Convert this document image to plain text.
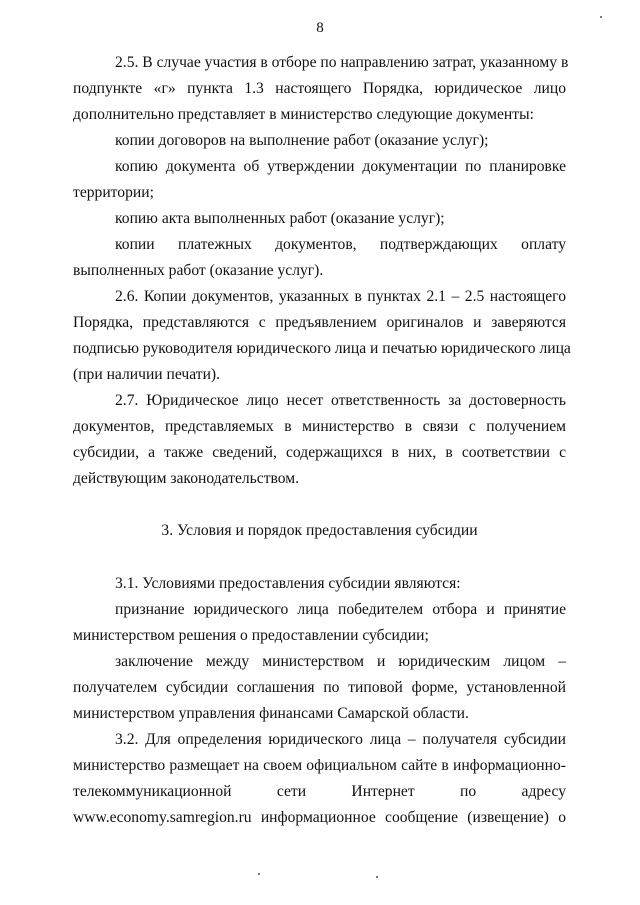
8
2.5. В случае участия в отборе по направлению затрат, указанному в
подпункте «г» пункта 1.3 настоящего Порядка, юридическое лицо
дополнительно представляет в министерство следующие документы:
копии договоров на выполнение работ (оказание услуг);
копию документа об утверждении документации по планировке
территории;
копию акта выполненных работ (оказание услуг);
копии платежных документов, подтверждающих оплату
выполненных работ (оказание услуг).
2.6. Копии документов, указанных в пунктах 2.1 – 2.5 настоящего
Порядка, представляются с предъявлением оригиналов и заверяются
подписью руководителя юридического лица и печатью юридического лица
(при наличии печати).
2.7. Юридическое лицо несет ответственность за достоверность
документов, представляемых в министерство в связи с получением
субсидии, а также сведений, содержащихся в них, в соответствии с
действующим законодательством.
3. Условия и порядок предоставления субсидии
3.1. Условиями предоставления субсидии являются:
признание юридического лица победителем отбора и принятие
министерством решения о предоставлении субсидии;
заключение между министерством и юридическим лицом –
получателем субсидии соглашения по типовой форме, установленной
министерством управления финансами Самарской области.
3.2. Для определения юридического лица – получателя субсидии
министерство размещает на своем официальном сайте в информационно-
телекоммуникационной сети Интернет по адресу
www.economy.samregion.ru информационное сообщение (извещение) о
